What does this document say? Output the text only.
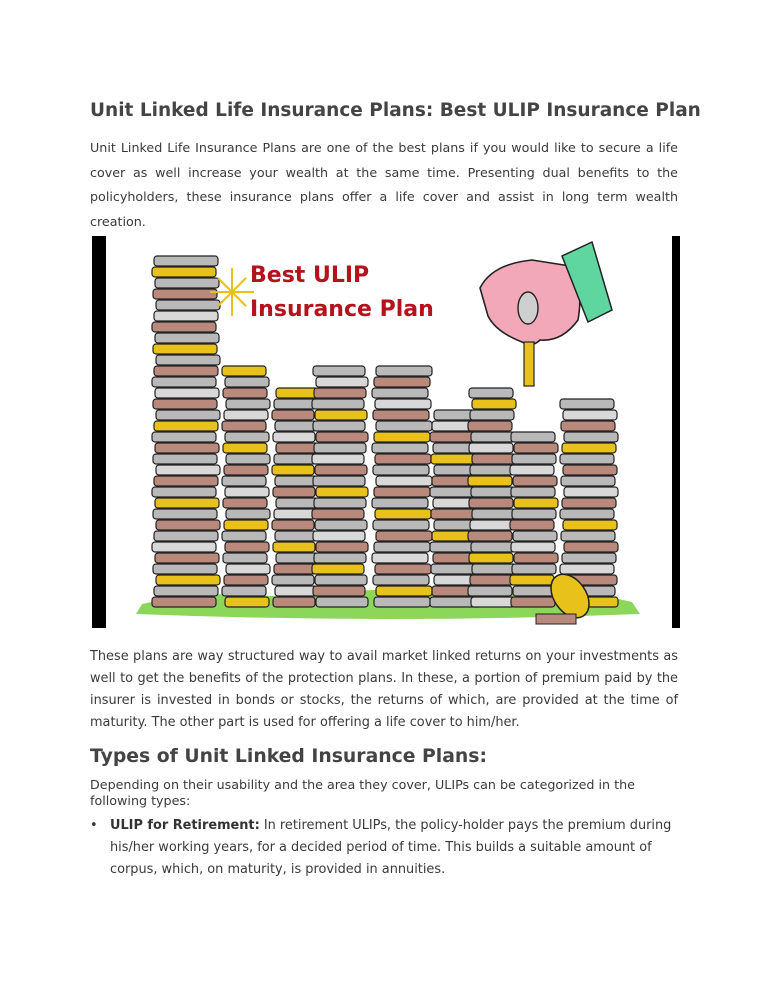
Unit Linked Life Insurance Plans: Best ULIP Insurance Plan

Unit Linked Life Insurance Plans are one of the best plans if you would like to secure a life cover as well increase your wealth at the same time. Presenting dual benefits to the policyholders, these insurance plans offer a life cover and assist in long term wealth creation.

Best ULIP
Insurance Plan

These plans are way structured way to avail market linked returns on your investments as well to get the benefits of the protection plans. In these, a portion of premium paid by the insurer is invested in bonds or stocks, the returns of which, are provided at the time of maturity. The other part is used for offering a life cover to him/her.

Types of Unit Linked Insurance Plans:

Depending on their usability and the area they cover, ULIPs can be categorized in the following types:

• ULIP for Retirement: In retirement ULIPs, the policy-holder pays the premium during his/her working years, for a decided period of time. This builds a suitable amount of corpus, which, on maturity, is provided in annuities.
